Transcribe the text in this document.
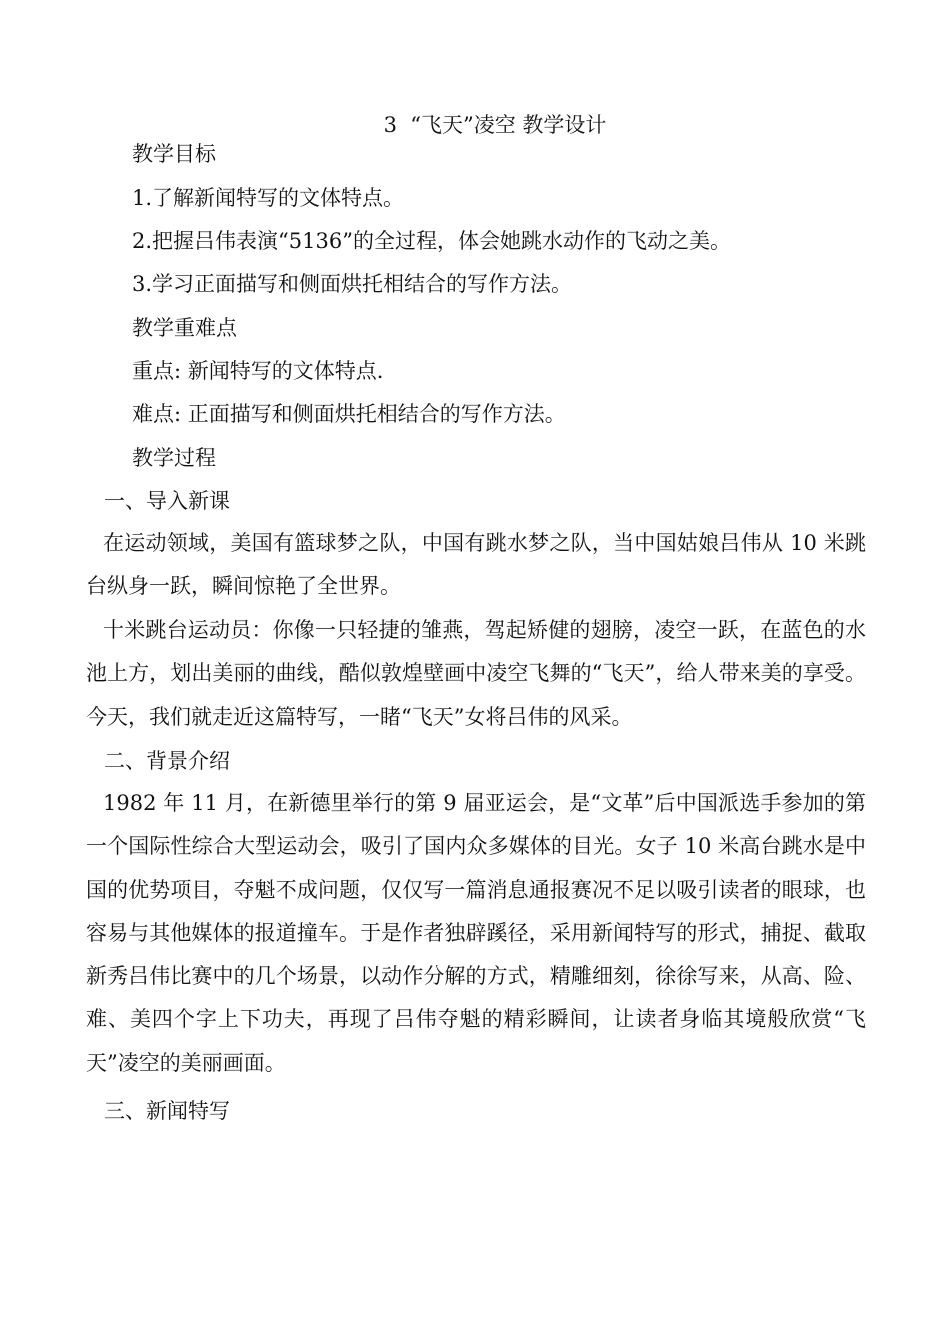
3  “飞天”凌空 教学设计
教学目标
1.了解新闻特写的文体特点。
2.把握吕伟表演“5136”的全过程，体会她跳水动作的飞动之美。
3.学习正面描写和侧面烘托相结合的写作方法。
教学重难点
重点: 新闻特写的文体特点.
难点: 正面描写和侧面烘托相结合的写作方法。
教学过程
一、导入新课
在运动领域，美国有篮球梦之队，中国有跳水梦之队，当中国姑娘吕伟从 10 米跳台纵身一跃，瞬间惊艳了全世界。
十米跳台运动员：你像一只轻捷的雏燕，驾起矫健的翅膀，凌空一跃，在蓝色的水池上方，划出美丽的曲线，酷似敦煌壁画中凌空飞舞的“飞天”，给人带来美的享受。今天，我们就走近这篇特写，一睹“飞天”女将吕伟的风采。
二、背景介绍
1982 年 11 月，在新德里举行的第 9 届亚运会，是“文革”后中国派选手参加的第一个国际性综合大型运动会，吸引了国内众多媒体的目光。女子 10 米高台跳水是中国的优势项目，夺魁不成问题，仅仅写一篇消息通报赛况不足以吸引读者的眼球，也容易与其他媒体的报道撞车。于是作者独辟蹊径，采用新闻特写的形式，捕捉、截取新秀吕伟比赛中的几个场景，以动作分解的方式，精雕细刻，徐徐写来，从高、险、难、美四个字上下功夫，再现了吕伟夺魁的精彩瞬间，让读者身临其境般欣赏“飞天”凌空的美丽画面。
三、新闻特写
